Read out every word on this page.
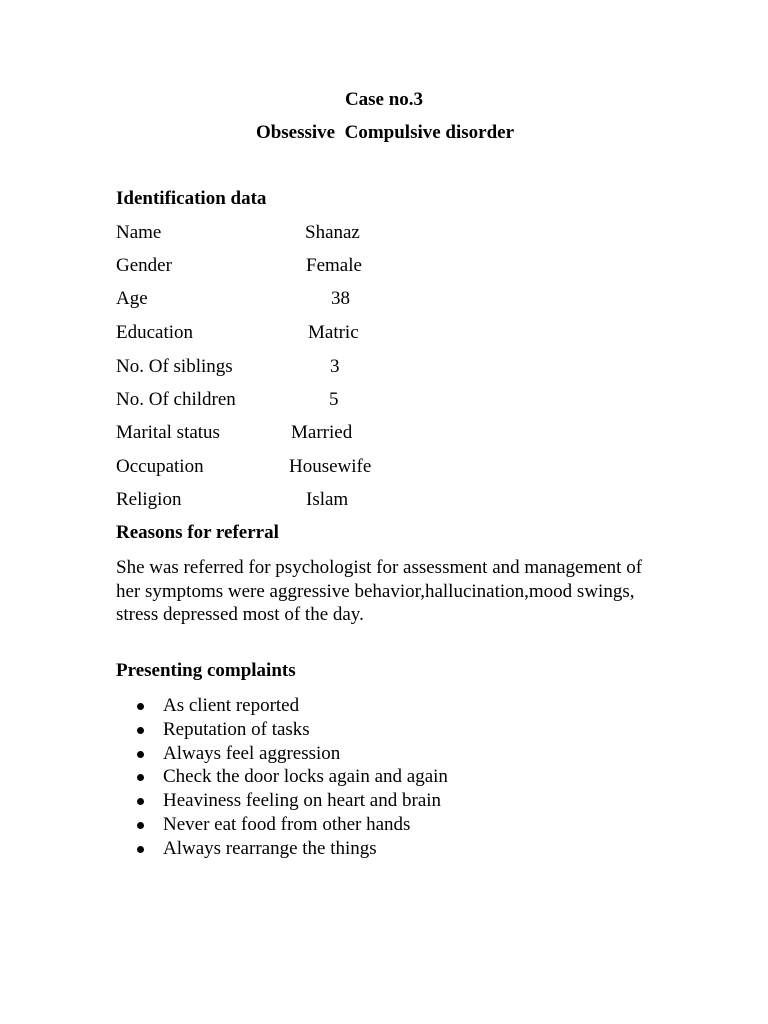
Case no.3
Obsessive  Compulsive disorder
Identification data
Name	Shanaz
Gender	Female
Age	38
Education	Matric
No. Of siblings	3
No. Of children	5
Marital status	Married
Occupation	Housewife
Religion	Islam
Reasons for referral
She was referred for psychologist for assessment and management of her symptoms were aggressive behavior,hallucination,mood swings, stress depressed most of the day.
Presenting complaints
As client reported
Reputation of tasks
Always feel aggression
Check the door locks again and again
Heaviness feeling on heart and brain
Never eat food from other hands
Always rearrange the things
